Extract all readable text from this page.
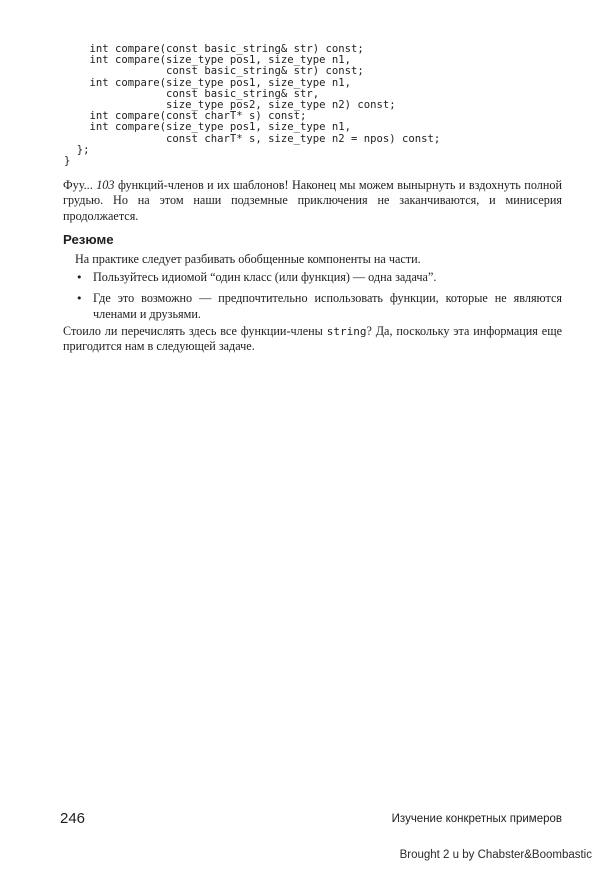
int compare(const basic_string& str) const;
int compare(size_type pos1, size_type n1,
const basic_string& str) const;
int compare(size_type pos1, size_type n1,
const basic_string& str,
size_type pos2, size_type n2) const;
int compare(const charT* s) const;
int compare(size_type pos1, size_type n1,
const charT* s, size_type n2 = npos) const;
};
}

Фуу... 103 функций-членов и их шаблонов! Наконец мы можем вынырнуть и вздохнуть полной грудью. Но на этом наши подземные приключения не заканчиваются, и минисерия продолжается.

Резюме

На практике следует разбивать обобщенные компоненты на части.

• Пользуйтесь идиомой “один класс (или функция) — одна задача”.
• Где это возможно — предпочтительно использовать функции, которые не являются членами и друзьями.

Стоило ли перечислять здесь все функции-члены string? Да, поскольку эта информация еще пригодится нам в следующей задаче.

246	Изучение конкретных примеров
Brought 2 u by Chabster&Boombastic
